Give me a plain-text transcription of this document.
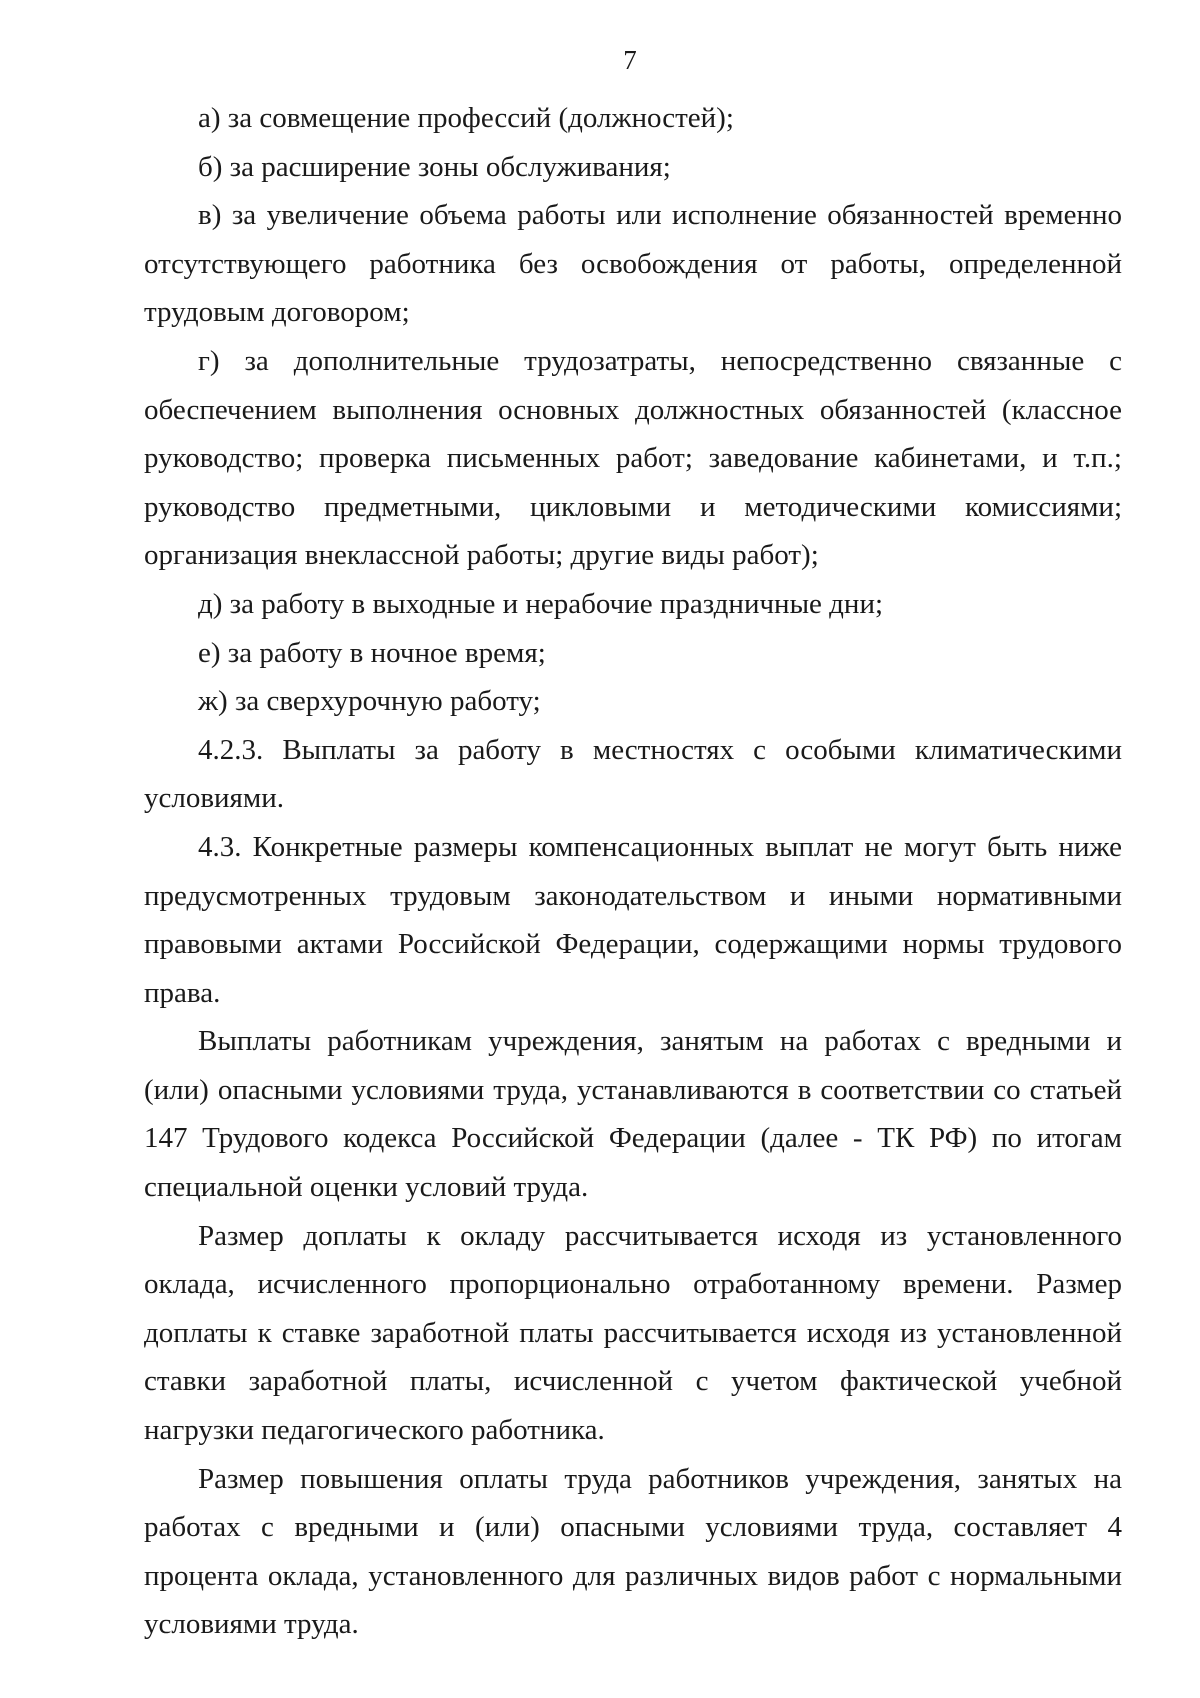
7

а) за совмещение профессий (должностей);

б) за расширение зоны обслуживания;

в) за увеличение объема работы или исполнение обязанностей временно отсутствующего работника без освобождения от работы, определенной трудовым договором;

г) за дополнительные трудозатраты, непосредственно связанные с обеспечением выполнения основных должностных обязанностей (классное руководство; проверка письменных работ; заведование кабинетами, и т.п.; руководство предметными, цикловыми и методическими комиссиями; организация внеклассной работы; другие виды работ);

д) за работу в выходные и нерабочие праздничные дни;

е) за работу в ночное время;

ж) за сверхурочную работу;

4.2.3. Выплаты за работу в местностях с особыми климатическими условиями.

4.3. Конкретные размеры компенсационных выплат не могут быть ниже предусмотренных трудовым законодательством и иными нормативными правовыми актами Российской Федерации, содержащими нормы трудового права.

Выплаты работникам учреждения, занятым на работах с вредными и (или) опасными условиями труда, устанавливаются в соответствии со статьей 147 Трудового кодекса Российской Федерации (далее - ТК РФ) по итогам специальной оценки условий труда.

Размер доплаты к окладу рассчитывается исходя из установленного оклада, исчисленного пропорционально отработанному времени. Размер доплаты к ставке заработной платы рассчитывается исходя из установленной ставки заработной платы, исчисленной с учетом фактической учебной нагрузки педагогического работника.

Размер повышения оплаты труда работников учреждения, занятых на работах с вредными и (или) опасными условиями труда, составляет 4 процента оклада, установленного для различных видов работ с нормальными условиями труда.
